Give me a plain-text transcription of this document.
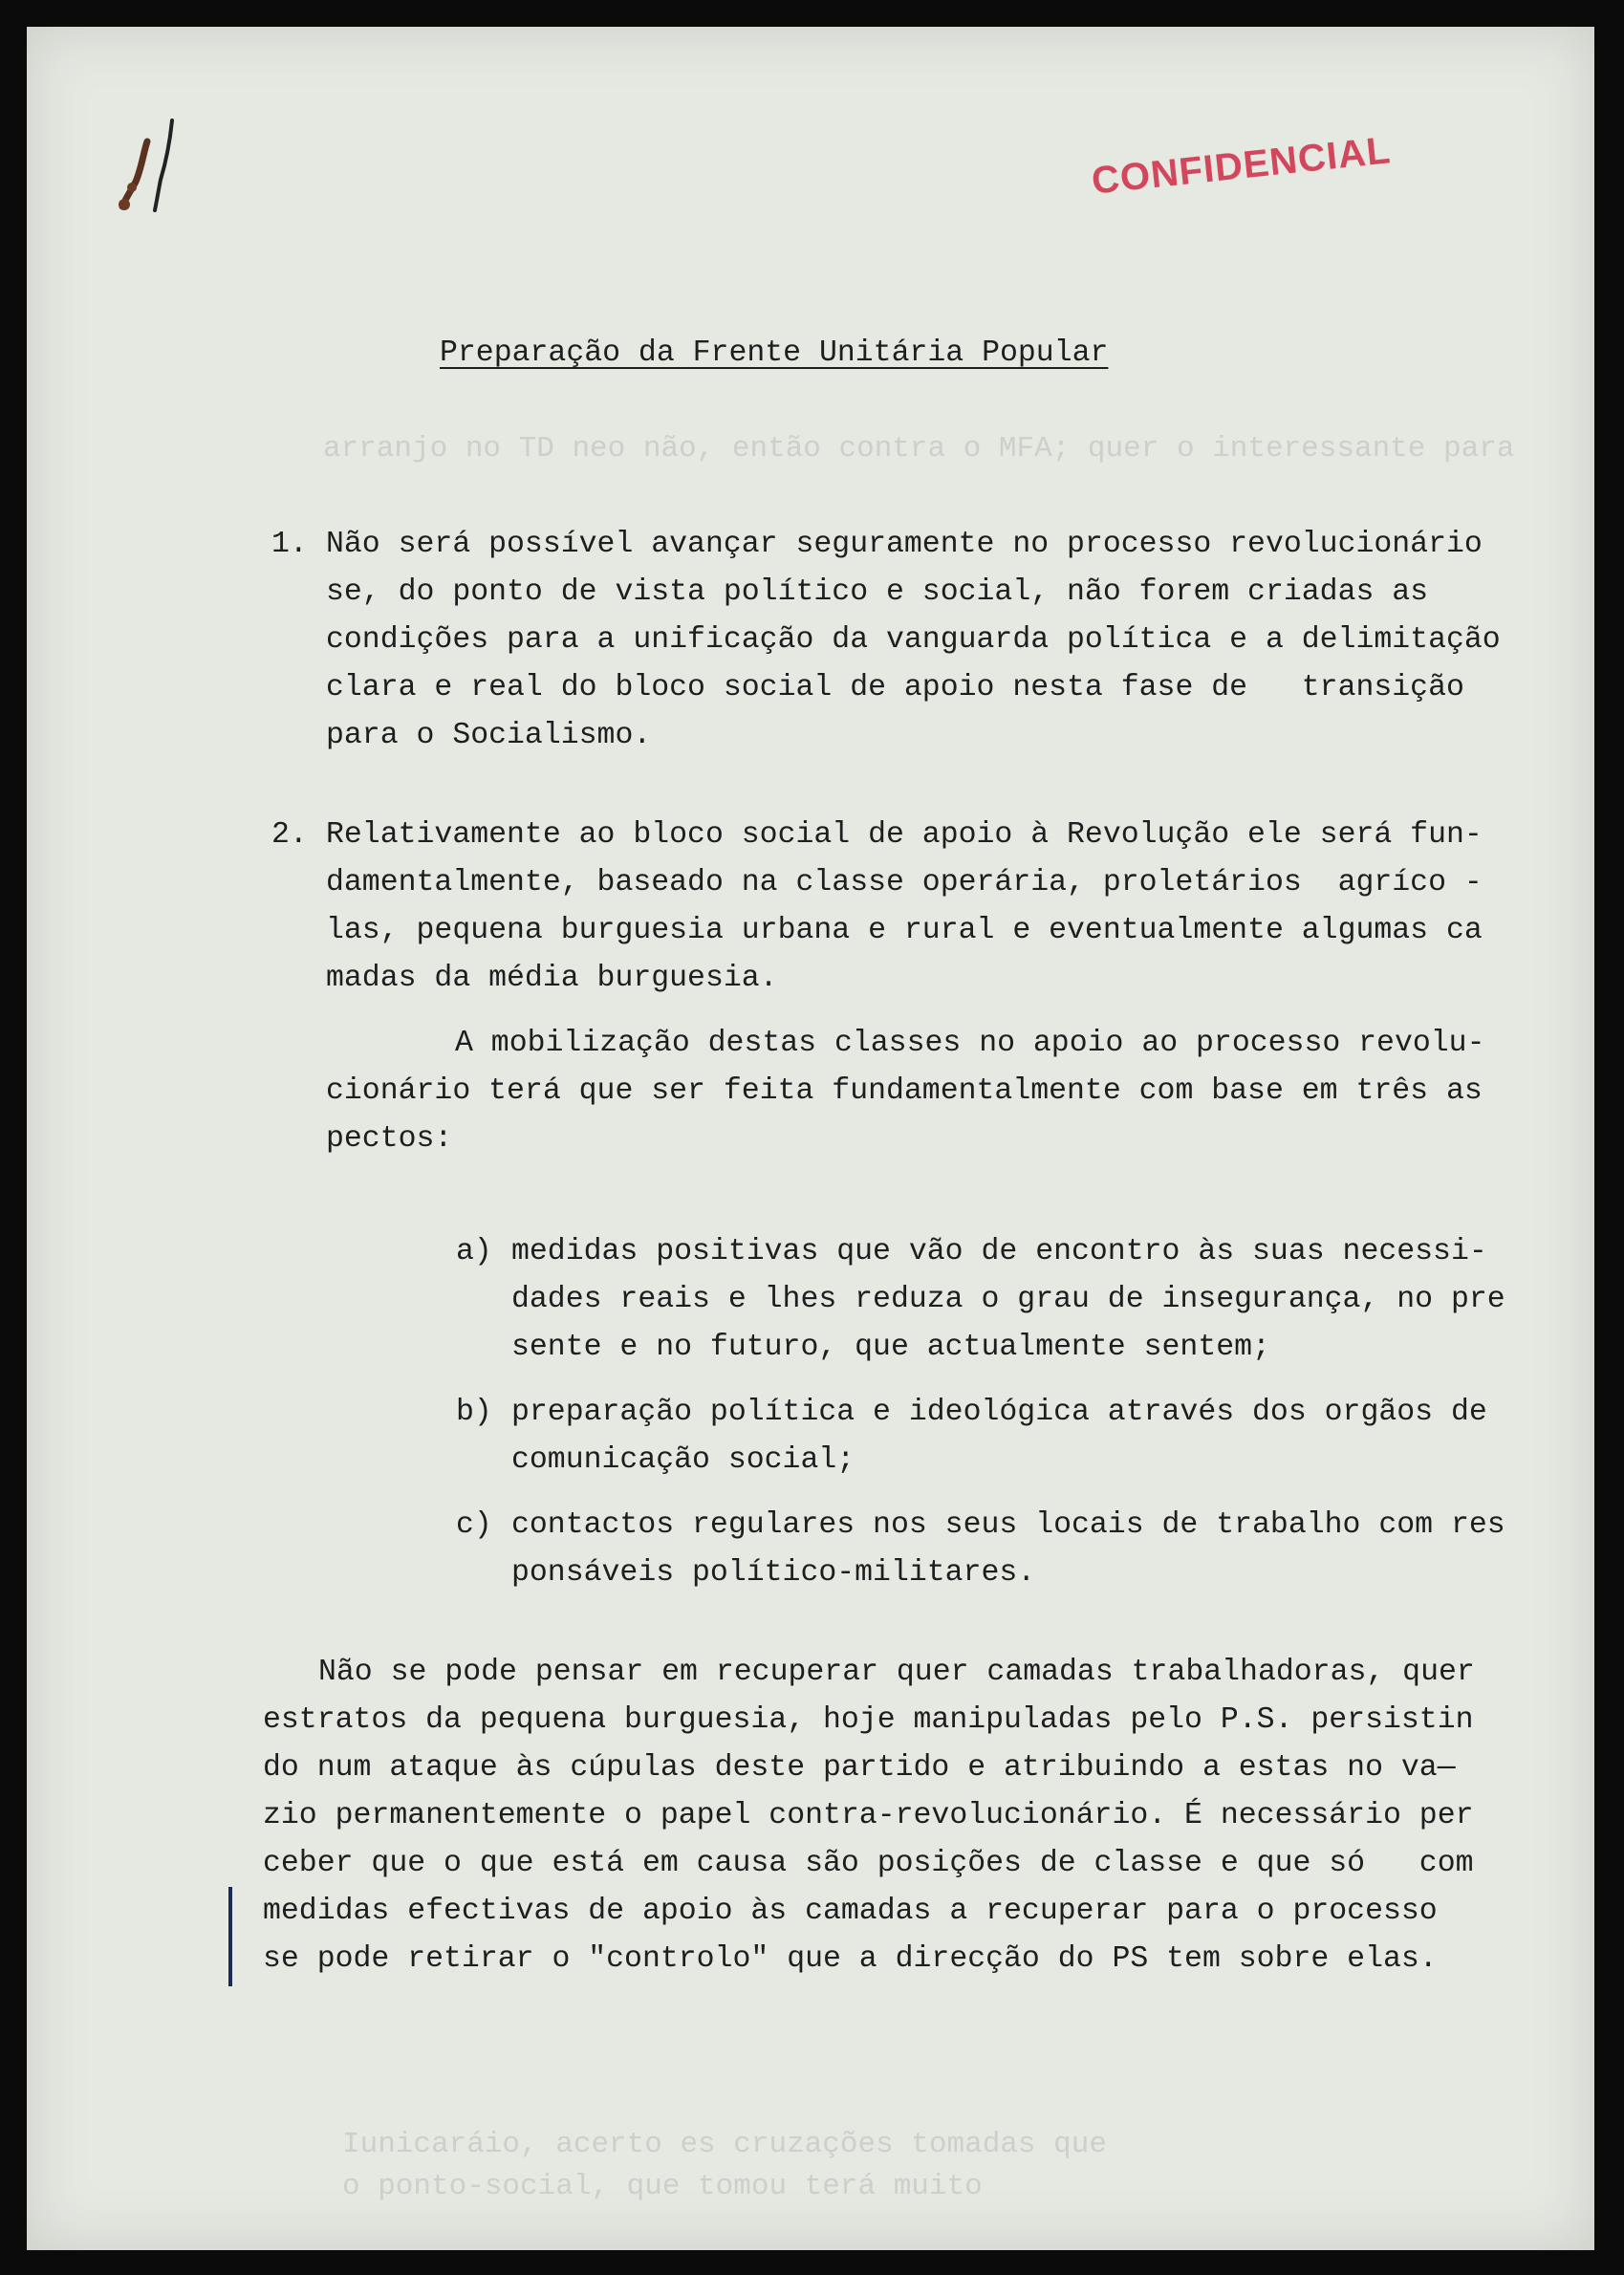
CONFIDENCIAL
arranjo no TD neo não, então contra o MFA; quer o interessante para
Iunicaráio, acerto es cruzações tomadas que
o ponto-social, que tomou terá muito
Preparação da Frente Unitária Popular
1. Não será possível avançar seguramente no processo revolucionário
se, do ponto de vista político e social, não forem criadas as
condições para a unificação da vanguarda política e a delimitação
clara e real do bloco social de apoio nesta fase de   transição
para o Socialismo.
2. Relativamente ao bloco social de apoio à Revolução ele será fun-
damentalmente, baseado na classe operária, proletários  agríco -
las, pequena burguesia urbana e rural e eventualmente algumas ca
madas da média burguesia.
A mobilização destas classes no apoio ao processo revolu-
cionário terá que ser feita fundamentalmente com base em três as
pectos:
a) medidas positivas que vão de encontro às suas necessi-
dades reais e lhes reduza o grau de insegurança, no pre
sente e no futuro, que actualmente sentem;
b) preparação política e ideológica através dos orgãos de
comunicação social;
c) contactos regulares nos seus locais de trabalho com res
ponsáveis político-militares.
Não se pode pensar em recuperar quer camadas trabalhadoras, quer
estratos da pequena burguesia, hoje manipuladas pelo P.S. persistin
do num ataque às cúpulas deste partido e atribuindo a estas no va—
zio permanentemente o papel contra-revolucionário. É necessário per
ceber que o que está em causa são posições de classe e que só   com
medidas efectivas de apoio às camadas a recuperar para o processo
se pode retirar o "controlo" que a direcção do PS tem sobre elas.
